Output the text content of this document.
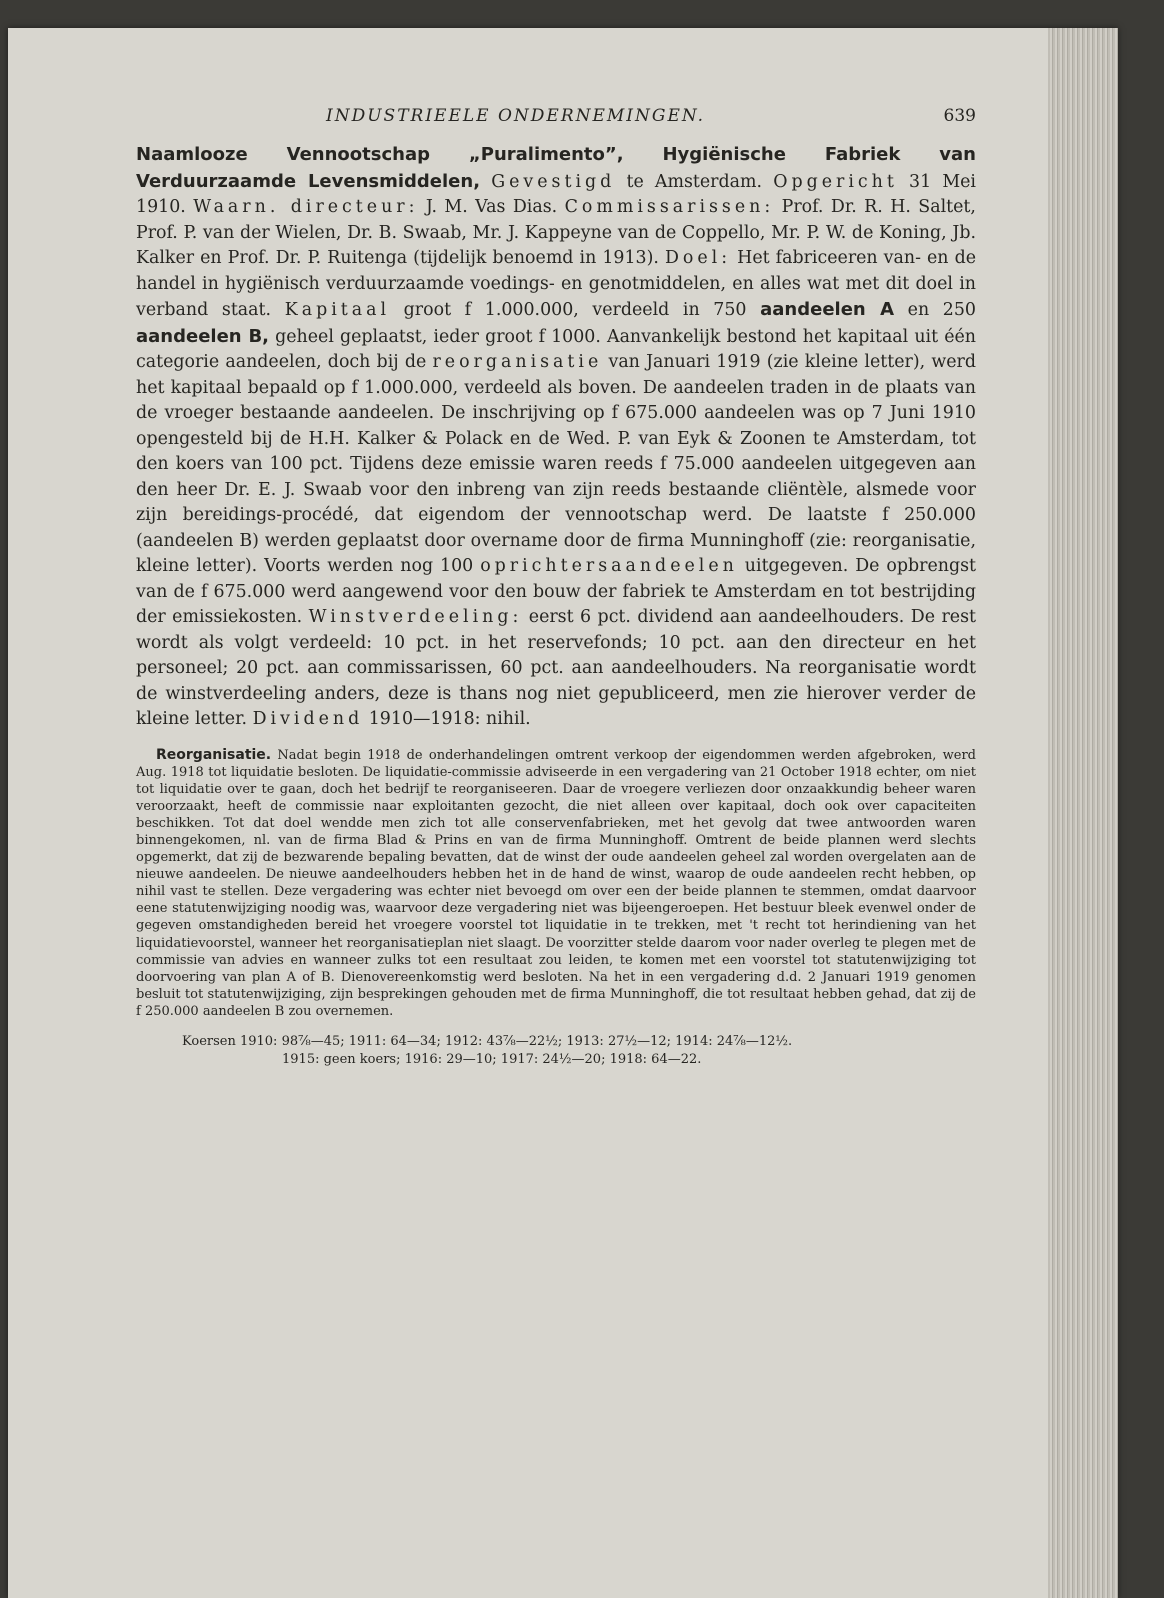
INDUSTRIEELE ONDERNEMINGEN.	639

Naamlooze Vennootschap „Puralimento”, Hygiënische Fabriek van Verduurzaamde Levensmiddelen, Gevestigd te Amsterdam. Opgericht 31 Mei 1910. Waarn. directeur: J. M. Vas Dias. Commissarissen: Prof. Dr. R. H. Saltet, Prof. P. van der Wielen, Dr. B. Swaab, Mr. J. Kappeyne van de Coppello, Mr. P. W. de Koning, Jb. Kalker en Prof. Dr. P. Ruitenga (tijdelijk benoemd in 1913). Doel: Het fabriceeren van- en de handel in hygiënisch verduurzaamde voedings- en genotmiddelen, en alles wat met dit doel in verband staat. Kapitaal groot f 1.000.000, verdeeld in 750 aandeelen A en 250 aandeelen B, geheel geplaatst, ieder groot f 1000. Aanvankelijk bestond het kapitaal uit één categorie aandeelen, doch bij de reorganisatie van Januari 1919 (zie kleine letter), werd het kapitaal bepaald op f 1.000.000, verdeeld als boven. De aandeelen traden in de plaats van de vroeger bestaande aandeelen. De inschrijving op f 675.000 aandeelen was op 7 Juni 1910 opengesteld bij de H.H. Kalker & Polack en de Wed. P. van Eyk & Zoonen te Amsterdam, tot den koers van 100 pct. Tijdens deze emissie waren reeds f 75.000 aandeelen uitgegeven aan den heer Dr. E. J. Swaab voor den inbreng van zijn reeds bestaande cliëntèle, alsmede voor zijn bereidings-procédé, dat eigendom der vennootschap werd. De laatste f 250.000 (aandeelen B) werden geplaatst door overname door de firma Munninghoff (zie: reorganisatie, kleine letter). Voorts werden nog 100 oprichtersaandeelen uitgegeven. De opbrengst van de f 675.000 werd aangewend voor den bouw der fabriek te Amsterdam en tot bestrijding der emissiekosten. Winstverdeeling: eerst 6 pct. dividend aan aandeelhouders. De rest wordt als volgt verdeeld: 10 pct. in het reservefonds; 10 pct. aan den directeur en het personeel; 20 pct. aan commissarissen, 60 pct. aan aandeelhouders. Na reorganisatie wordt de winstverdeeling anders, deze is thans nog niet gepubliceerd, men zie hierover verder de kleine letter. Dividend 1910—1918: nihil.

Reorganisatie. Nadat begin 1918 de onderhandelingen omtrent verkoop der eigendommen werden afgebroken, werd Aug. 1918 tot liquidatie besloten. De liquidatie-commissie adviseerde in een vergadering van 21 October 1918 echter, om niet tot liquidatie over te gaan, doch het bedrijf te reorganiseeren. Daar de vroegere verliezen door onzaakkundig beheer waren veroorzaakt, heeft de commissie naar exploitanten gezocht, die niet alleen over kapitaal, doch ook over capaciteiten beschikken. Tot dat doel wendde men zich tot alle conservenfabrieken, met het gevolg dat twee antwoorden waren binnengekomen, nl. van de firma Blad & Prins en van de firma Munninghoff. Omtrent de beide plannen werd slechts opgemerkt, dat zij de bezwarende bepaling bevatten, dat de winst der oude aandeelen geheel zal worden overgelaten aan de nieuwe aandeelen. De nieuwe aandeelhouders hebben het in de hand de winst, waarop de oude aandeelen recht hebben, op nihil vast te stellen. Deze vergadering was echter niet bevoegd om over een der beide plannen te stemmen, omdat daarvoor eene statutenwijziging noodig was, waarvoor deze vergadering niet was bijeengeroepen. Het bestuur bleek evenwel onder de gegeven omstandigheden bereid het vroegere voorstel tot liquidatie in te trekken, met 't recht tot herindiening van het liquidatievoorstel, wanneer het reorganisatieplan niet slaagt. De voorzitter stelde daarom voor nader overleg te plegen met de commissie van advies en wanneer zulks tot een resultaat zou leiden, te komen met een voorstel tot statutenwijziging tot doorvoering van plan A of B. Dienovereenkomstig werd besloten. Na het in een vergadering d.d. 2 Januari 1919 genomen besluit tot statutenwijziging, zijn besprekingen gehouden met de firma Munninghoff, die tot resultaat hebben gehad, dat zij de f 250.000 aandeelen B zou overnemen.

Koersen 1910: 98⅞—45; 1911: 64—34; 1912: 43⅞—22½; 1913: 27½—12; 1914: 24⅞—12½.
1915: geen koers; 1916: 29—10; 1917: 24½—20; 1918: 64—22.
